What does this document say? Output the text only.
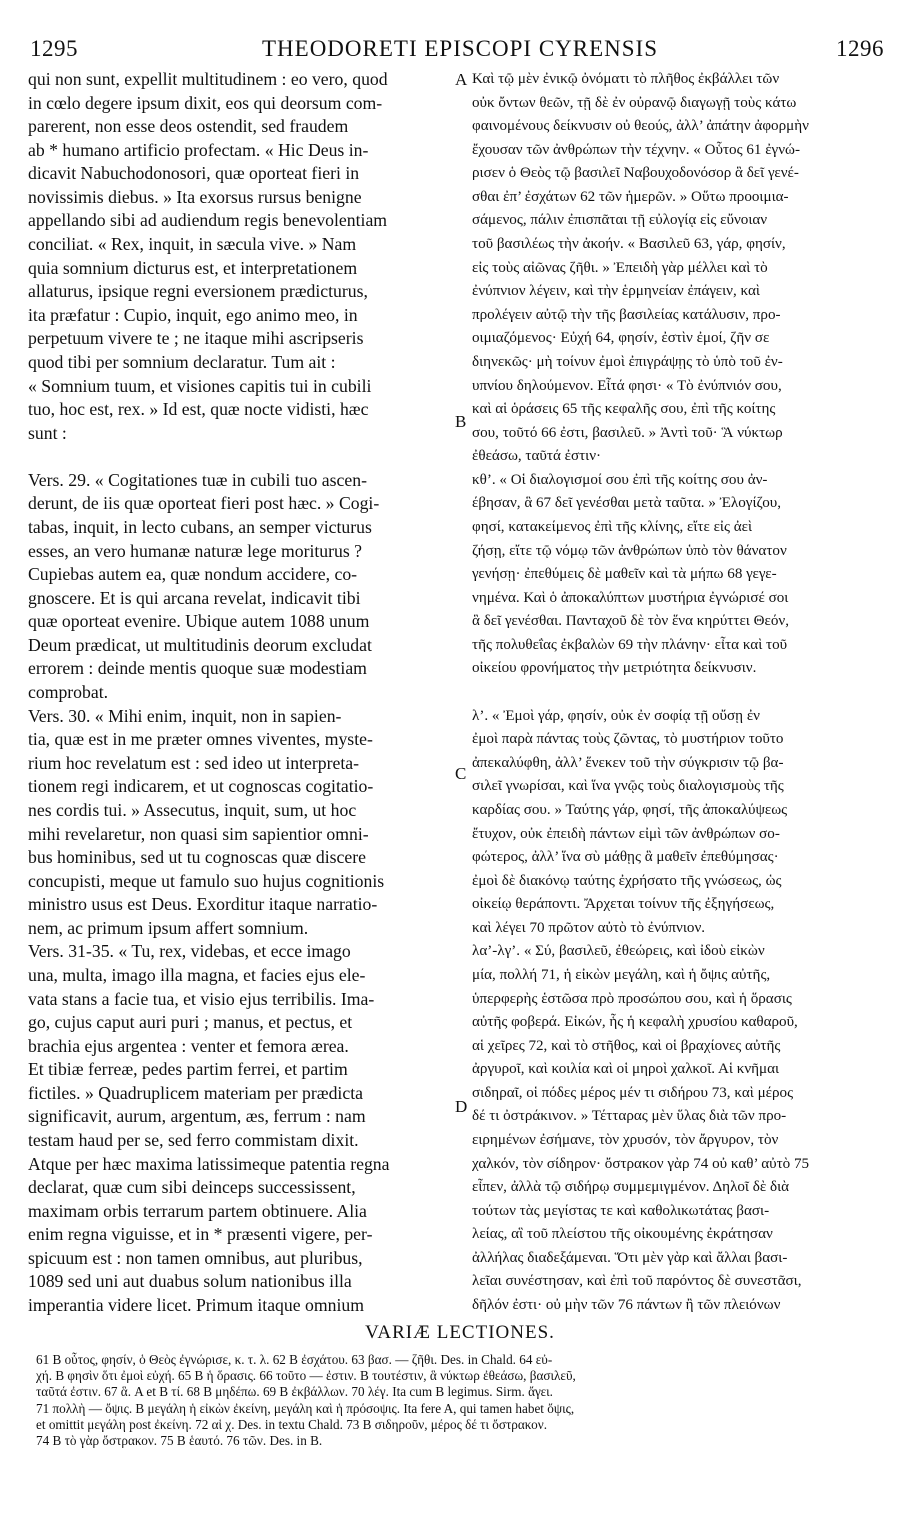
1295	THEODORETI EPISCOPI CYRENSIS	1296
qui non sunt, expellit multitudinem : eo vero, quod
in cœlo degere ipsum dixit, eos qui deorsum com-
parerent, non esse deos ostendit, sed fraudem
ab * humano artificio profectam. « Hic Deus in-
dicavit Nabuchodonosori, quæ oporteat fieri in
novissimis diebus. » Ita exorsus rursus benigne
appellando sibi ad audiendum regis benevolentiam
conciliat. « Rex, inquit, in sæcula vive. » Nam
quia somnium dicturus est, et interpretationem
allaturus, ipsique regni eversionem prædicturus,
ita præfatur : Cupio, inquit, ego animo meo, in
perpetuum vivere te ; ne itaque mihi ascripseris
quod tibi per somnium declaratur. Tum ait :
« Somnium tuum, et visiones capitis tui in cubili
tuo, hoc est, rex. » Id est, quæ nocte vidisti, hæc
sunt :
Vers. 29. « Cogitationes tuæ in cubili tuo ascen-
derunt, de iis quæ oporteat fieri post hæc. » Cogi-
tabas, inquit, in lecto cubans, an semper victurus
esses, an vero humanæ naturæ lege moriturus ?
Cupiebas autem ea, quæ nondum accidere, co-
gnoscere. Et is qui arcana revelat, indicavit tibi
quæ oporteat evenire. Ubique autem 1088 unum
Deum prædicat, ut multitudinis deorum excludat
errorem : deinde mentis quoque suæ modestiam
comprobat.
Vers. 30. « Mihi enim, inquit, non in sapien-
tia, quæ est in me præter omnes viventes, myste-
rium hoc revelatum est : sed ideo ut interpreta-
tionem regi indicarem, et ut cognoscas cogitatio-
nes cordis tui. » Assecutus, inquit, sum, ut hoc
mihi revelaretur, non quasi sim sapientior omni-
bus hominibus, sed ut tu cognoscas quæ discere
concupisti, meque ut famulo suo hujus cognitionis
ministro usus est Deus. Exorditur itaque narratio-
nem, ac primum ipsum affert somnium.
Vers. 31-35. « Tu, rex, videbas, et ecce imago
una, multa, imago illa magna, et facies ejus ele-
vata stans a facie tua, et visio ejus terribilis. Ima-
go, cujus caput auri puri ; manus, et pectus, et
brachia ejus argentea : venter et femora ærea.
Et tibiæ ferreæ, pedes partim ferrei, et partim
fictiles. » Quadruplicem materiam per prædicta
significavit, aurum, argentum, æs, ferrum : nam
testam haud per se, sed ferro commistam dixit.
Atque per hæc maxima latissimeque patentia regna
declarat, quæ cum sibi deinceps successissent,
maximam orbis terrarum partem obtinuere. Alia
enim regna viguisse, et in * præsenti vigere, per-
spicuum est : non tamen omnibus, aut pluribus,
1089 sed uni aut duabus solum nationibus illa
imperantia videre licet. Primum itaque omnium
Καὶ τῷ μὲν ἐνικῷ ὀνόματι τὸ πλῆθος ἐκβάλλει τῶν
οὐκ ὄντων θεῶν, τῇ δὲ ἐν οὐρανῷ διαγωγῇ τοὺς κάτω
φαινομένους δείκνυσιν οὐ θεούς, ἀλλ’ ἀπάτην ἀφορμὴν
ἔχουσαν τῶν ἀνθρώπων τὴν τέχνην. « Οὗτος 61 ἐγνώ-
ρισεν ὁ Θεὸς τῷ βασιλεῖ Ναβουχοδονόσορ ἃ δεῖ γενέ-
σθαι ἐπ’ ἐσχάτων 62 τῶν ἡμερῶν. » Οὕτω προοιμια-
σάμενος, πάλιν ἐπισπᾶται τῇ εὐλογίᾳ εἰς εὔνοιαν
τοῦ βασιλέως τὴν ἀκοήν. « Βασιλεῦ 63, γάρ, φησίν,
εἰς τοὺς αἰῶνας ζῆθι. » Ἐπειδὴ γὰρ μέλλει καὶ τὸ
ἐνύπνιον λέγειν, καὶ τὴν ἑρμηνείαν ἐπάγειν, καὶ
προλέγειν αὐτῷ τὴν τῆς βασιλείας κατάλυσιν, προ-
οιμιαζόμενος· Εὐχή 64, φησίν, ἐστὶν ἐμοί, ζῆν σε
διηνεκῶς· μὴ τοίνυν ἐμοὶ ἐπιγράψῃς τὸ ὑπὸ τοῦ ἐν-
υπνίου δηλούμενον. Εἶτά φησι· « Τὸ ἐνύπνιόν σου,
καὶ αἱ ὁράσεις 65 τῆς κεφαλῆς σου, ἐπὶ τῆς κοίτης
σου, τοῦτό 66 ἐστι, βασιλεῦ. » Ἀντὶ τοῦ· Ἃ νύκτωρ
ἐθεάσω, ταῦτά ἐστιν·
κθ’. « Οἱ διαλογισμοί σου ἐπὶ τῆς κοίτης σου ἀν-
έβησαν, ἃ 67 δεῖ γενέσθαι μετὰ ταῦτα. » Ἐλογίζου,
φησί, κατακείμενος ἐπὶ τῆς κλίνης, εἴτε εἰς ἀεὶ
ζήσῃ, εἴτε τῷ νόμῳ τῶν ἀνθρώπων ὑπὸ τὸν θάνατον
γενήσῃ· ἐπεθύμεις δὲ μαθεῖν καὶ τὰ μήπω 68 γεγε-
νημένα. Καὶ ὁ ἀποκαλύπτων μυστήρια ἐγνώρισέ σοι
ἃ δεῖ γενέσθαι. Πανταχοῦ δὲ τὸν ἕνα κηρύττει Θεόν,
τῆς πολυθεΐας ἐκβαλὼν 69 τὴν πλάνην· εἶτα καὶ τοῦ
οἰκείου φρονήματος τὴν μετριότητα δείκνυσιν.
λ’. « Ἐμοὶ γάρ, φησίν, οὐκ ἐν σοφίᾳ τῇ οὔσῃ ἐν
ἐμοὶ παρὰ πάντας τοὺς ζῶντας, τὸ μυστήριον τοῦτο
ἀπεκαλύφθη, ἀλλ’ ἕνεκεν τοῦ τὴν σύγκρισιν τῷ βα-
σιλεῖ γνωρίσαι, καὶ ἵνα γνῷς τοὺς διαλογισμοὺς τῆς
καρδίας σου. » Ταύτης γάρ, φησί, τῆς ἀποκαλύψεως
ἔτυχον, οὐκ ἐπειδὴ πάντων εἰμὶ τῶν ἀνθρώπων σο-
φώτερος, ἀλλ’ ἵνα σὺ μάθῃς ἃ μαθεῖν ἐπεθύμησας·
ἐμοὶ δὲ διακόνῳ ταύτης ἐχρήσατο τῆς γνώσεως, ὡς
οἰκείῳ θεράποντι. Ἄρχεται τοίνυν τῆς ἐξηγήσεως,
καὶ λέγει 70 πρῶτον αὐτὸ τὸ ἐνύπνιον.
λα’-λγ’. « Σύ, βασιλεῦ, ἐθεώρεις, καὶ ἰδοὺ εἰκὼν
μία, πολλή 71, ἡ εἰκὼν μεγάλη, καὶ ἡ ὄψις αὐτῆς,
ὑπερφερὴς ἑστῶσα πρὸ προσώπου σου, καὶ ἡ ὅρασις
αὐτῆς φοβερά. Εἰκών, ἧς ἡ κεφαλὴ χρυσίου καθαροῦ,
αἱ χεῖρες 72, καὶ τὸ στῆθος, καὶ οἱ βραχίονες αὐτῆς
ἀργυροῖ, καὶ κοιλία καὶ οἱ μηροὶ χαλκοῖ. Αἱ κνῆμαι
σιδηραῖ, οἱ πόδες μέρος μέν τι σιδήρου 73, καὶ μέρος
δέ τι ὀστράκινον. » Τέτταρας μὲν ὕλας διὰ τῶν προ-
ειρημένων ἐσήμανε, τὸν χρυσόν, τὸν ἄργυρον, τὸν
χαλκόν, τὸν σίδηρον· ὄστρακον γὰρ 74 οὐ καθ’ αὐτὸ 75
εἶπεν, ἀλλὰ τῷ σιδήρῳ συμμεμιγμένον. Δηλοῖ δὲ διὰ
τούτων τὰς μεγίστας τε καὶ καθολικωτάτας βασι-
λείας, αἳ τοῦ πλείστου τῆς οἰκουμένης ἐκράτησαν
ἀλλήλας διαδεξάμεναι. Ὅτι μὲν γὰρ καὶ ἄλλαι βασι-
λεῖαι συνέστησαν, καὶ ἐπὶ τοῦ παρόντος δὲ συνεστᾶσι,
δῆλόν ἐστι· οὐ μὴν τῶν 76 πάντων ἢ τῶν πλειόνων
A
B
C
D
VARIÆ LECTIONES.
61 B οὗτος, φησίν, ὁ Θεὸς ἐγνώρισε, κ. τ. λ. 62 B ἐσχάτου. 63 βασ. — ζῆθι. Des. in Chald. 64 εὐ-
χή. B φησὶν ὅτι ἐμοὶ εὐχή. 65 B ἡ ὅρασις. 66 τοῦτο — ἐστιν. B τουτέστιν, ἃ νύκτωρ ἐθεάσω, βασιλεῦ,
ταῦτά ἐστιν. 67 ἃ. A et B τί. 68 B μηδέπω. 69 B ἐκβάλλων. 70 λέγ. Ita cum B legimus. Sirm. ἄγει.
71 πολλὴ — ὄψις. B μεγάλη ἡ εἰκὼν ἐκείνη, μεγάλη καὶ ἡ πρόσοψις. Ita fere A, qui tamen habet ὄψις,
et omittit μεγάλη post ἐκείνη. 72 αἱ χ. Des. in textu Chald. 73 B σιδηροῦν, μέρος δέ τι ὄστρακον.
74 B τὸ γὰρ ὄστρακον. 75 B ἑαυτό. 76 τῶν. Des. in B.
